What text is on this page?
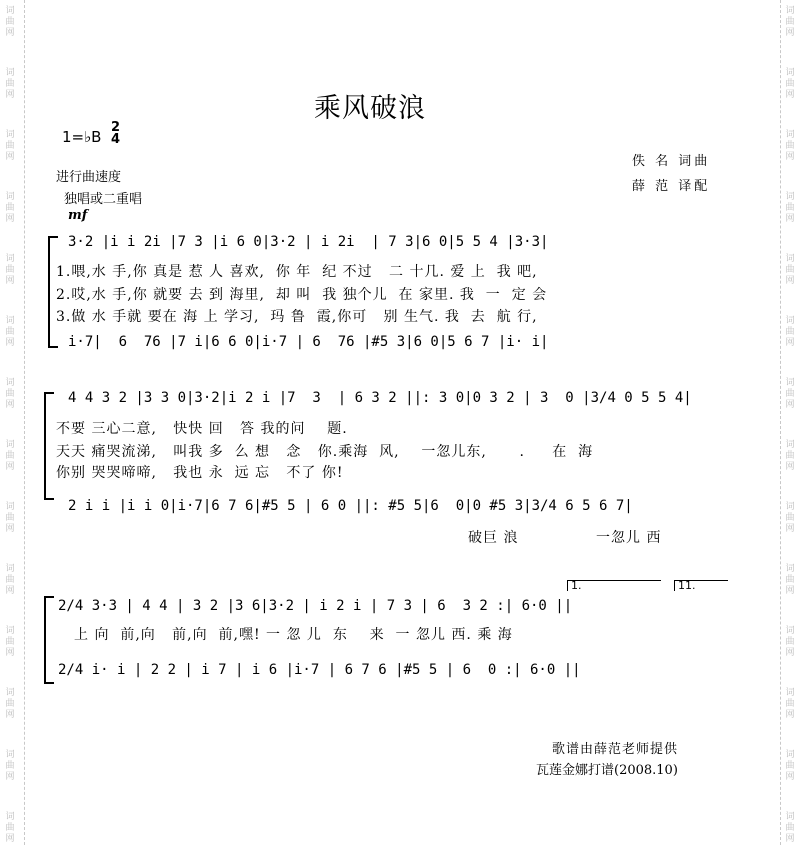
词
曲
网
词
曲
网
词
曲
网
词
曲
网
词
曲
网
词
曲
网
词
曲
网
词
曲
网
词
曲
网
词
曲
网
词
曲
网
词
曲
网
词
曲
网
词
曲
网
词
曲
网
词
曲
网
词
曲
网
词
曲
网
词
曲
网
词
曲
网
词
曲
网
词
曲
网
词
曲
网
词
曲
网
词
曲
网
词
曲
网
词
曲
网
词
曲
网
乘风破浪
1=♭B
2
4
佚 名 词曲
薛 范 译配
进行曲速度
独唱或二重唱
mf
3·2 |i i 2i |7 3 |i 6 0|3·2 | i 2i  | 7 3|6 0|5 5 4 |3·3|
1.喂,水 手,你 真是 惹 人 喜欢,  你 年  纪 不过   二 十几. 爱 上  我 吧,
2.哎,水 手,你 就要 去 到 海里,  却 叫  我 独个儿  在 家里. 我  一  定 会
3.做 水 手就 要在 海 上 学习,  玛 鲁  霞,你可   别 生气. 我  去  航 行,
i·7|  6  76 |7 i|6 6 0|i·7 | 6  76 |#5 3|6 0|5 6 7 |i· i|
4 4 3 2 |3 3 0|3·2|i 2 i |7  3  | 6 3 2 ||: 3 0|0 3 2 | 3  0 |3/4 0 5 5 4|
不要 三心二意,   快快 回   答 我的问    题.
天天 痛哭流涕,   叫我 多  么 想   念   你.乘海  风,    一忽儿东,      .     在  海
你别 哭哭啼啼,   我也 永  远 忘   不了 你!
2 i i |i i 0|i·7|6 7 6|#5 5 | 6 0 ||: #5 5|6  0|0 #5 3|3/4 6 5 6 7|
破巨 浪	一忽儿 西
1.	11.
2/4 3·3 | 4 4 | 3 2 |3 6|3·2 | i 2 i | 7 3 | 6  3 2 :| 6·0 ||
上 向  前,向   前,向  前,嘿! 一 忽 儿  东    来  一 忽儿 西. 乘 海
2/4 i· i | 2 2 | i 7 | i 6 |i·7 | 6 7 6 |#5 5 | 6  0 :| 6·0 ||
歌谱由薛范老师提供
瓦莲金娜打谱(2008.10)
